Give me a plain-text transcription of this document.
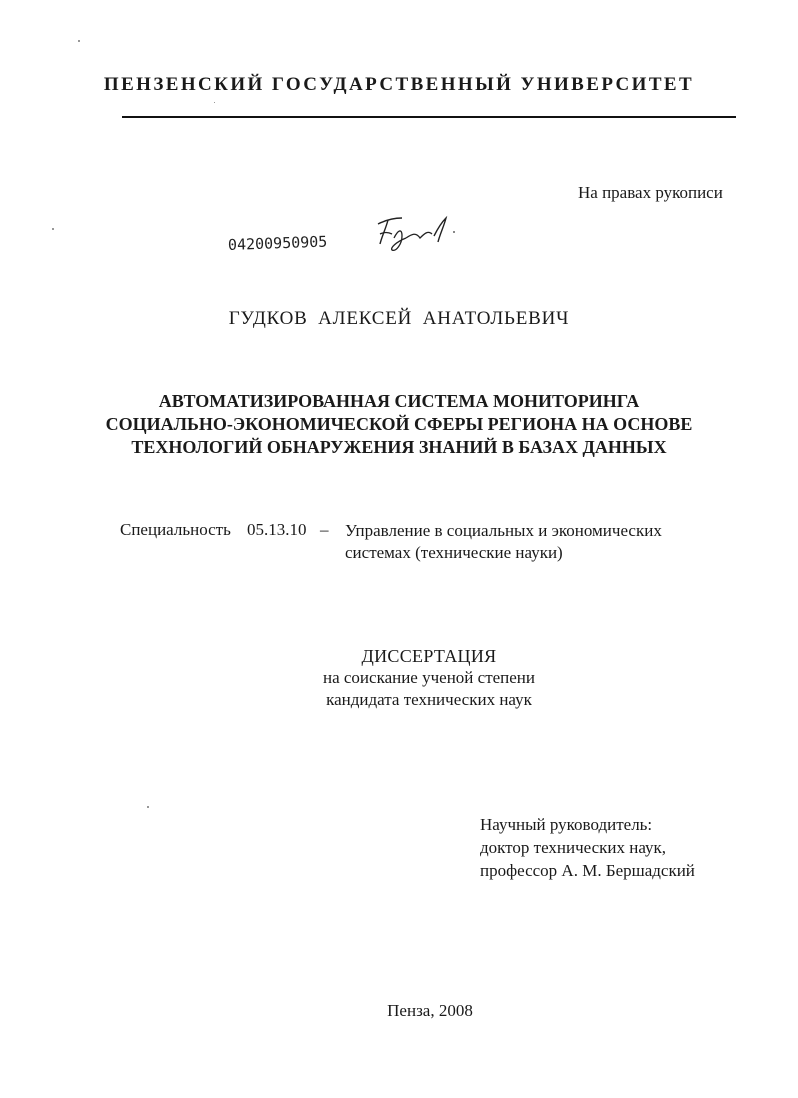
ПЕНЗЕНСКИЙ ГОСУДАРСТВЕННЫЙ УНИВЕРСИТЕТ
На правах рукописи
04200950905
ГУДКОВ АЛЕКСЕЙ АНАТОЛЬЕВИЧ
АВТОМАТИЗИРОВАННАЯ СИСТЕМА МОНИТОРИНГА
СОЦИАЛЬНО-ЭКОНОМИЧЕСКОЙ СФЕРЫ РЕГИОНА НА ОСНОВЕ
ТЕХНОЛОГИЙ ОБНАРУЖЕНИЯ ЗНАНИЙ В БАЗАХ ДАННЫХ
Специальность 05.13.10 – Управление в социальных и экономических
системах (технические науки)
ДИССЕРТАЦИЯ
на соискание ученой степени
кандидата технических наук
Научный руководитель:
доктор технических наук,
профессор А. М. Бершадский
Пенза, 2008
